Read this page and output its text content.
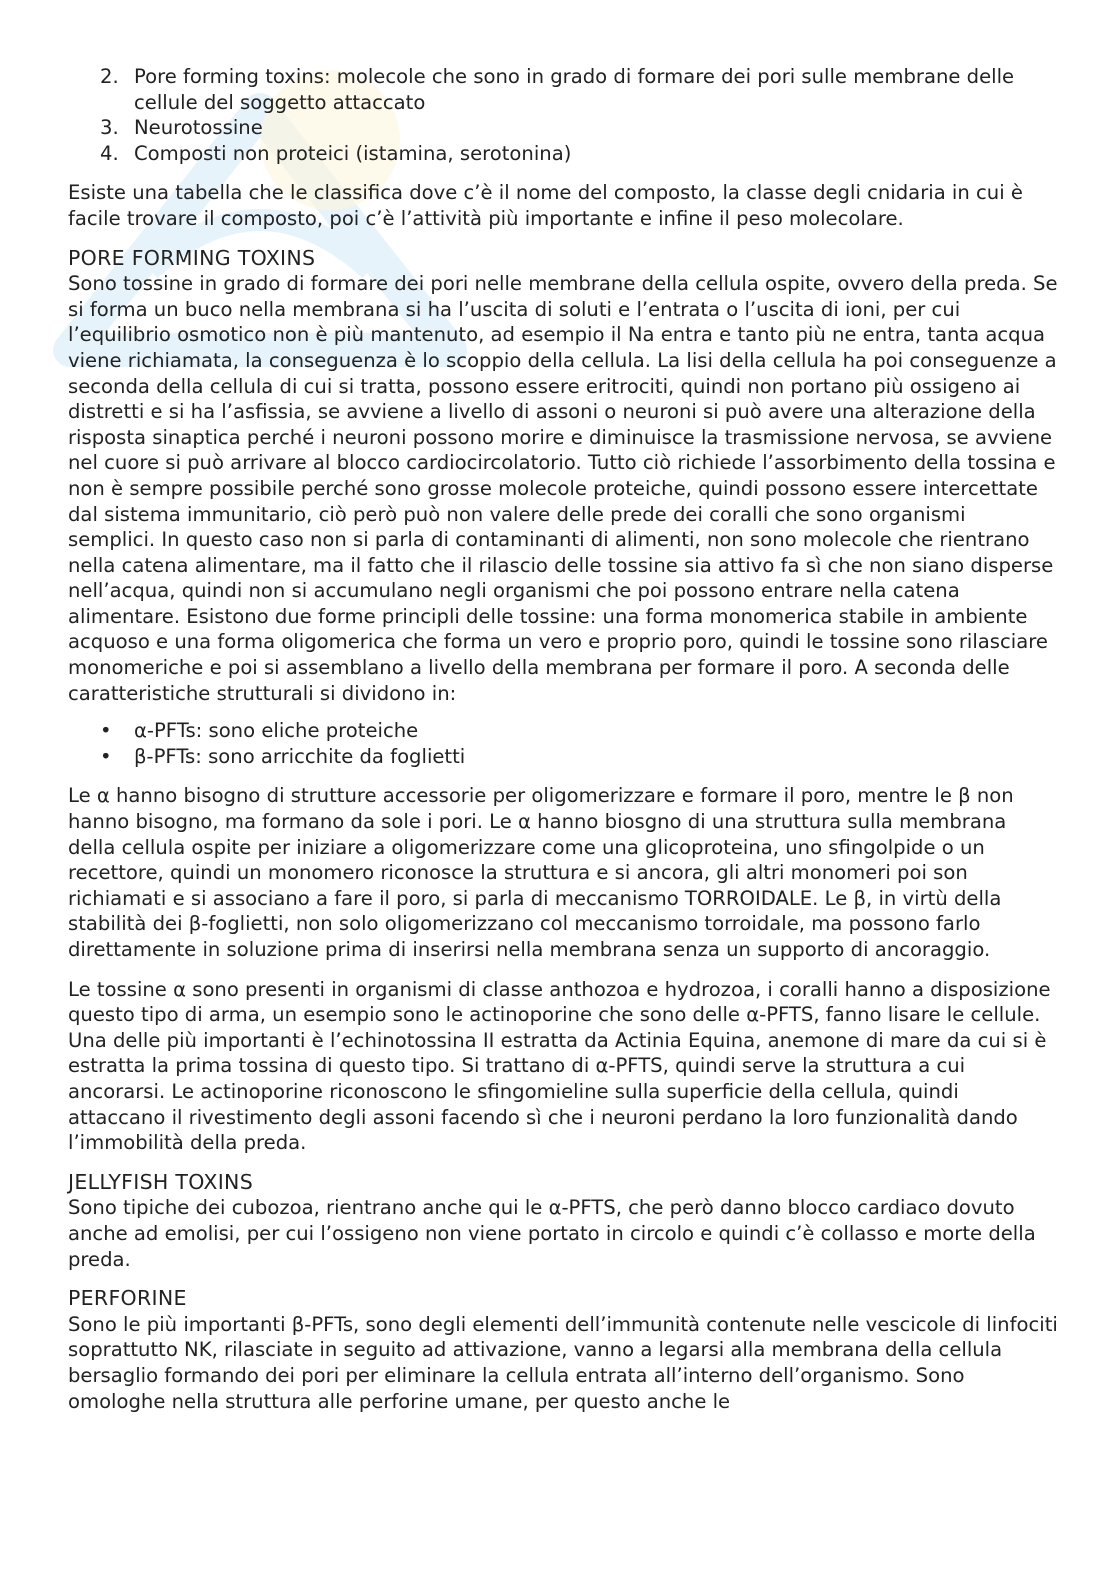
2. Pore forming toxins: molecole che sono in grado di formare dei pori sulle membrane delle cellule del soggetto attaccato
3. Neurotossine
4. Composti non proteici (istamina, serotonina)

Esiste una tabella che le classifica dove c’è il nome del composto, la classe degli cnidaria in cui è facile trovare il composto, poi c’è l’attività più importante e infine il peso molecolare.

PORE FORMING TOXINS

Sono tossine in grado di formare dei pori nelle membrane della cellula ospite, ovvero della preda. Se si forma un buco nella membrana si ha l’uscita di soluti e l’entrata o l’uscita di ioni, per cui l’equilibrio osmotico non è più mantenuto, ad esempio il Na entra e tanto più ne entra, tanta acqua viene richiamata, la conseguenza è lo scoppio della cellula. La lisi della cellula ha poi conseguenze a seconda della cellula di cui si tratta, possono essere eritrociti, quindi non portano più ossigeno ai distretti e si ha l’asfissia, se avviene a livello di assoni o neuroni si può avere una alterazione della risposta sinaptica perché i neuroni possono morire e diminuisce la trasmissione nervosa, se avviene nel cuore si può arrivare al blocco cardiocircolatorio. Tutto ciò richiede l’assorbimento della tossina e non è sempre possibile perché sono grosse molecole proteiche, quindi possono essere intercettate dal sistema immunitario, ciò però può non valere delle prede dei coralli che sono organismi semplici. In questo caso non si parla di contaminanti di alimenti, non sono molecole che rientrano nella catena alimentare, ma il fatto che il rilascio delle tossine sia attivo fa sì che non siano disperse nell’acqua, quindi non si accumulano negli organismi che poi possono entrare nella catena alimentare. Esistono due forme principli delle tossine: una forma monomerica stabile in ambiente acquoso e una forma oligomerica che forma un vero e proprio poro, quindi le tossine sono rilasciare monomeriche e poi si assemblano a livello della membrana per formare il poro. A seconda delle caratteristiche strutturali si dividono in:

• α-PFTs: sono eliche proteiche
• β-PFTs: sono arricchite da foglietti

Le α hanno bisogno di strutture accessorie per oligomerizzare e formare il poro, mentre le β non hanno bisogno, ma formano da sole i pori. Le α hanno biosgno di una struttura sulla membrana della cellula ospite per iniziare a oligomerizzare come una glicoproteina, uno sfingolpide o un recettore, quindi un monomero riconosce la struttura e si ancora, gli altri monomeri poi son richiamati e si associano a fare il poro, si parla di meccanismo TORROIDALE. Le β, in virtù della stabilità dei β-foglietti, non solo oligomerizzano col meccanismo torroidale, ma possono farlo direttamente in soluzione prima di inserirsi nella membrana senza un supporto di ancoraggio.

Le tossine α sono presenti in organismi di classe anthozoa e hydrozoa, i coralli hanno a disposizione questo tipo di arma, un esempio sono le actinoporine che sono delle α-PFTS, fanno lisare le cellule. Una delle più importanti è l’echinotossina II estratta da Actinia Equina, anemone di mare da cui si è estratta la prima tossina di questo tipo. Si trattano di α-PFTS, quindi serve la struttura a cui ancorarsi. Le actinoporine riconoscono le sfingomieline sulla superficie della cellula, quindi attaccano il rivestimento degli assoni facendo sì che i neuroni perdano la loro funzionalità dando l’immobilità della preda.

JELLYFISH TOXINS

Sono tipiche dei cubozoa, rientrano anche qui le α-PFTS, che però danno blocco cardiaco dovuto anche ad emolisi, per cui l’ossigeno non viene portato in circolo e quindi c’è collasso e morte della preda.

PERFORINE

Sono le più importanti β-PFTs, sono degli elementi dell’immunità contenute nelle vescicole di linfociti soprattutto NK, rilasciate in seguito ad attivazione, vanno a legarsi alla membrana della cellula bersaglio formando dei pori per eliminare la cellula entrata all’interno dell’organismo. Sono omologhe nella struttura alle perforine umane, per questo anche le
